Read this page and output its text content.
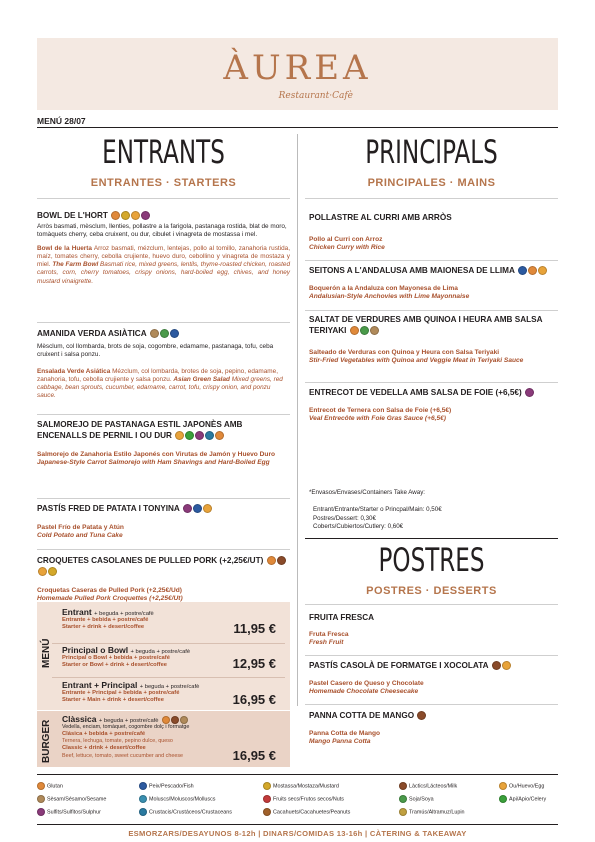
ÀUREA
Restaurant·Cafè
MENÚ 28/07
ENTRANTS
ENTRANTES · STARTERS
BOWL DE L'HORT
Arròs basmati, mèsclum, llenties, pollastre a la farigola, pastanaga rostida, blat de moro, tomàquets cherry, ceba cruixent, ou dur, cibulet i vinagreta de mostassa i mel.
Bowl de la Huerta Arroz basmati, mézclum, lentejas, pollo al tomillo, zanahoria rustida, maíz, tomates cherry, cebolla crujiente, huevo duro, cebollino y vinagreta de mostaza y miel. The Farm Bowl Basmati rice, mixed greens, lentils, thyme-roasted chicken, roasted carrots, corn, cherry tomatoes, crispy onions, hard-boiled egg, chives, and honey mustard vinaigrette.
AMANIDA VERDA ASIÀTICA
Mèsclum, col llombarda, brots de soja, cogombre, edamame, pastanaga, tofu, ceba cruixent i salsa ponzu.
Ensalada Verde Asiática Mézclum, col lombarda, brotes de soja, pepino, edamame, zanahoria, tofu, cebolla crujiente y salsa ponzu. Asian Green Salad Mixed greens, red cabbage, bean sprouts, cucumber, edamame, carrot, tofu, crispy onion, and ponzu sauce.
SALMOREJO DE PASTANAGA ESTIL JAPONÈS AMB ENCENALLS DE PERNIL I OU DUR
Salmorejo de Zanahoria Estilo Japonés con Virutas de Jamón y Huevo Duro
Japanese-Style Carrot Salmorejo with Ham Shavings and Hard-Boiled Egg
PASTÍS FRED DE PATATA I TONYINA
Pastel Frío de Patata y Atún
Cold Potato and Tuna Cake
CROQUETES CASOLANES DE PULLED PORK (+2,25€/UT)
Croquetas Caseras de Pulled Pork (+2,25€/Ud)
Homemade Pulled Pork Croquettes (+2,25€/Ut)
MENÚ
BURGER
Entrant + beguda + postre/cafè
Entrante + bebida + postre/café
Starter + drink + desert/coffee	11,95 €
Principal o Bowl + beguda + postre/cafè
Principal o Bowl + bebida + postre/café
Starter or Bowl + drink + desert/coffee	12,95 €
Entrant + Principal + beguda + postre/cafè
Entrante + Principal + bebida + postre/café
Starter + Main + drink + desert/coffee	16,95 €
Clàssica + beguda + postre/cafè
Vedella, enciam, tomàquet, cogombre dolç i formatge
Clásica + bebida + postre/café
Ternera, lechuga, tomate, pepino dulce, queso
Classic + drink + desert/coffee
Beef, lettuce, tomato, sweet cucumber and cheese	16,95 €
PRINCIPALS
PRINCIPALES · MAINS
POLLASTRE AL CURRI AMB ARRÒS
Pollo al Curri con Arroz
Chicken Curry with Rice
SEITONS A L'ANDALUSA AMB MAIONESA DE LLIMA
Boquerón a la Andaluza con Mayonesa de Lima
Andalusian-Style Anchovies with Lime Mayonnaise
SALTAT DE VERDURES AMB QUINOA I HEURA AMB SALSA TERIYAKI
Salteado de Verduras con Quinoa y Heura con Salsa Teriyaki
Stir-Fried Vegetables with Quinoa and Veggie Meat in Teriyaki Sauce
ENTRECOT DE VEDELLA AMB SALSA DE FOIE (+6,5€)
Entrecot de Ternera con Salsa de Foie (+6,5€)
Veal Entrecôte with Foie Gras Sauce (+6,5€)
*Envasos/Envases/Containers Take Away:
Entrant/Entrante/Starter o Princpal/Main: 0,50€
Postres/Dessert: 0,30€
Coberts/Cubiertos/Cutlery: 0,60€
POSTRES
POSTRES · DESSERTS
FRUITA FRESCA
Fruta Fresca
Fresh Fruit
PASTÍS CASOLÀ DE FORMATGE I XOCOLATA
Pastel Casero de Queso y Chocolate
Homemade Chocolate Cheesecake
PANNA COTTA DE MANGO
Panna Cotta de Mango
Mango Panna Cotta
Glutan	Peix/Pescado/Fish	Mostassa/Mostaza/Mustard	Làctics/Lácteos/Milk	Ou/Huevo/Egg
Sèsam/Sésamo/Sesame	Moluscs/Moluscos/Molluscs	Fruits secs/Frutos secos/Nuts	Soja/Soya	Api/Apio/Celery
Sulfits/Sulfitos/Sulphur	Crustacis/Crustáceos/Crustaceans	Cacahuets/Cacahuetes/Peanuts	Tramús/Altramuz/Lupin
ESMORZARS/DESAYUNOS 8-12h | DINARS/COMIDAS 13-16h | CÀTERING & TAKEAWAY
